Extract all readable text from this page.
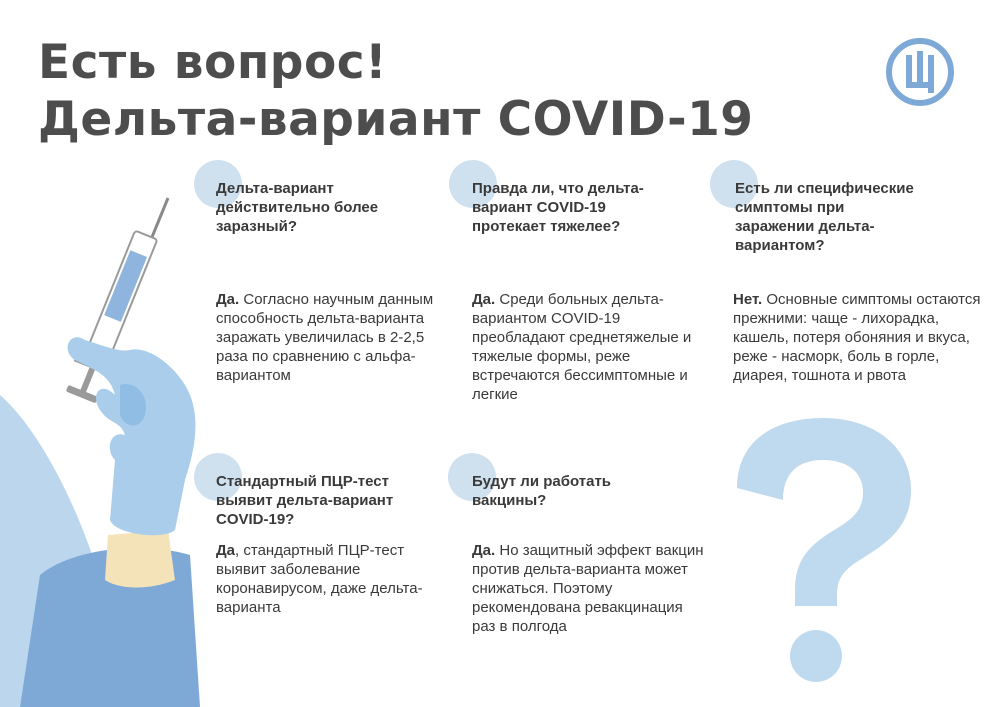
Есть вопрос!
Дельта-вариант COVID-19

Дельта-вариант действительно более заразный?

Да. Согласно научным данным способность дельта-варианта заражать увеличилась в 2-2,5 раза по сравнению с альфа-вариантом

Правда ли, что дельта-вариант COVID-19 протекает тяжелее?

Да. Среди больных дельта-вариантом COVID-19 преобладают среднетяжелые и тяжелые формы, реже встречаются бессимптомные и легкие

Есть ли специфические симптомы при заражении дельта-вариантом?

Нет. Основные симптомы остаются прежними: чаще - лихорадка, кашель, потеря обоняния и вкуса, реже - насморк, боль в горле, диарея, тошнота и рвота

Стандартный ПЦР-тест выявит дельта-вариант COVID-19?

Да, стандартный ПЦР-тест выявит заболевание коронавирусом, даже дельта-варианта

Будут ли работать вакцины?

Да. Но защитный эффект вакцин против дельта-варианта может снижаться. Поэтому рекомендована ревакцинация раз в полгода
